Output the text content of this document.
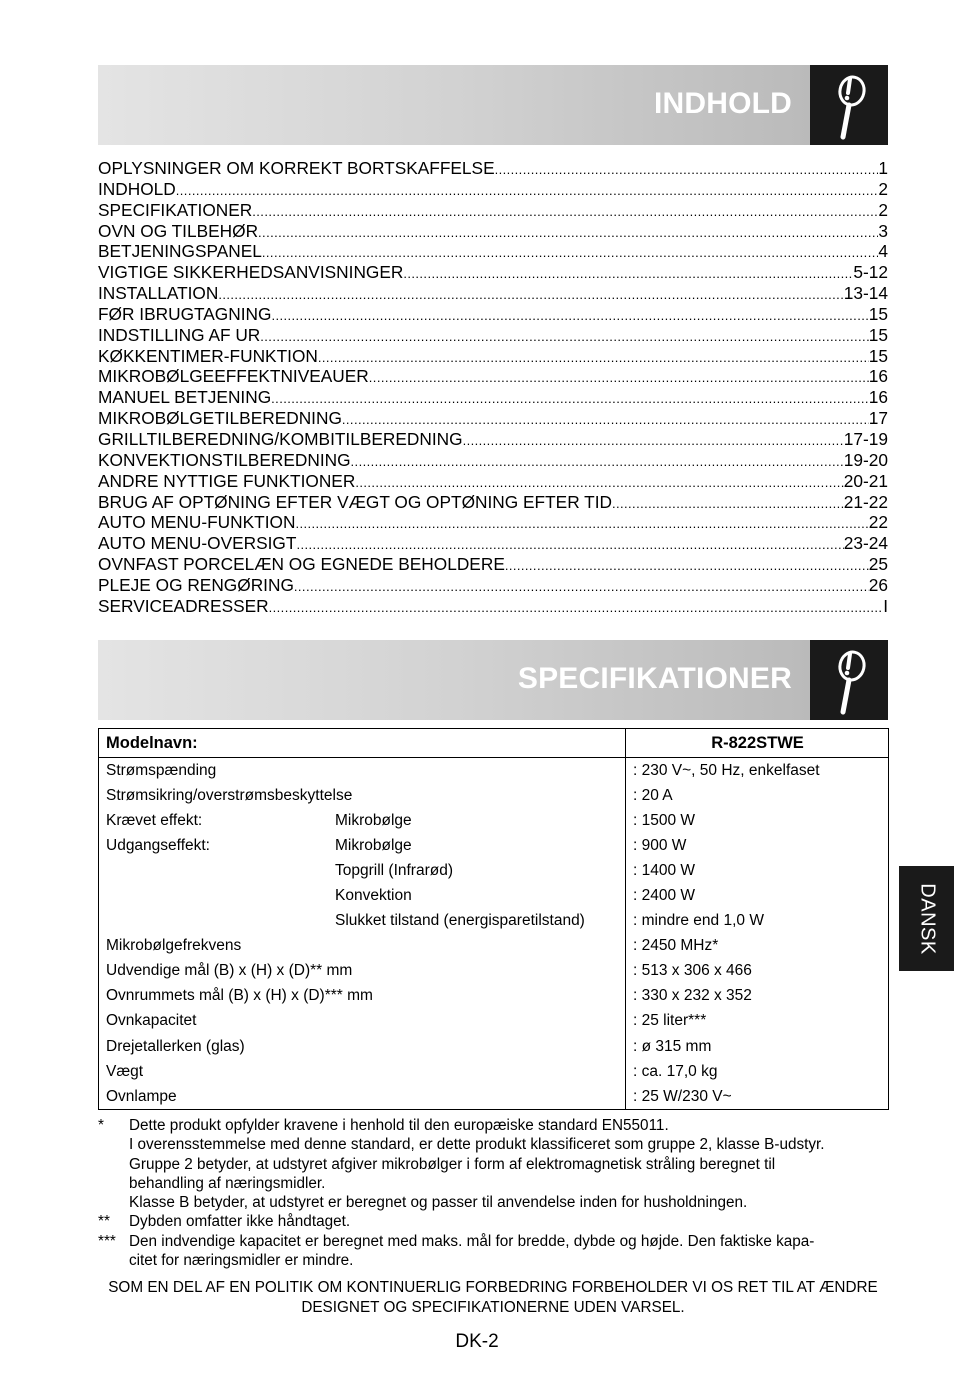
INDHOLD
OPLYSNINGER OM KORREKT BORTSKAFFELSE .....	1
INDHOLD .....	2
SPECIFIKATIONER .....	2
OVN OG TILBEHØR .....	3
BETJENINGSPANEL .....	4
VIGTIGE SIKKERHEDSANVISNINGER .....	5-12
INSTALLATION .....	13-14
FØR IBRUGTAGNING .....	15
INDSTILLING AF UR .....	15
KØKKENTIMER-FUNKTION .....	15
MIKROBØLGEEFFEKTNIVEAUER .....	16
MANUEL BETJENING .....	16
MIKROBØLGETILBEREDNING .....	17
GRILLTILBEREDNING/KOMBITILBEREDNING .....	17-19
KONVEKTIONSTILBEREDNING .....	19-20
ANDRE NYTTIGE FUNKTIONER .....	20-21
BRUG AF OPTØNING EFTER VÆGT OG OPTØNING EFTER TID .....	21-22
AUTO MENU-FUNKTION .....	22
AUTO MENU-OVERSIGT .....	23-24
OVNFAST PORCELÆN OG EGNEDE BEHOLDERE .....	25
PLEJE OG RENGØRING .....	26
SERVICEADRESSER .....	I
SPECIFIKATIONER
Modelnavn:		R-822STWE
Strømspænding		: 230 V~, 50 Hz, enkelfaset
Strømsikring/overstrømsbeskyttelse		: 20 A
Krævet effekt:	Mikrobølge	: 1500 W
Udgangseffekt:	Mikrobølge	: 900 W
	Topgrill (Infrarød)	: 1400 W
	Konvektion	: 2400 W
	Slukket tilstand (energisparetilstand)	: mindre end 1,0 W
Mikrobølgefrekvens		: 2450 MHz*
Udvendige mål (B) x (H) x (D)** mm		: 513 x 306 x 466
Ovnrummets mål (B) x (H) x (D)*** mm		: 330 x 232 x 352
Ovnkapacitet		: 25 liter***
Drejetallerken (glas)		: ø 315 mm
Vægt		: ca. 17,0 kg
Ovnlampe		: 25 W/230 V~
*	Dette produkt opfylder kravene i henhold til den europæiske standard EN55011.
I overensstemmelse med denne standard, er dette produkt klassificeret som gruppe 2, klasse B-udstyr.
Gruppe 2 betyder, at udstyret afgiver mikrobølger i form af elektromagnetisk stråling beregnet til
behandling af næringsmidler.
Klasse B betyder, at udstyret er beregnet og passer til anvendelse inden for husholdningen.
**	Dybden omfatter ikke håndtaget.
*** Den indvendige kapacitet er beregnet med maks. mål for bredde, dybde og højde. Den faktiske kapa-
citet for næringsmidler er mindre.
SOM EN DEL AF EN POLITIK OM KONTINUERLIG FORBEDRING FORBEHOLDER VI OS RET TIL AT ÆNDRE
DESIGNET OG SPECIFIKATIONERNE UDEN VARSEL.
DK-2
DANSK
